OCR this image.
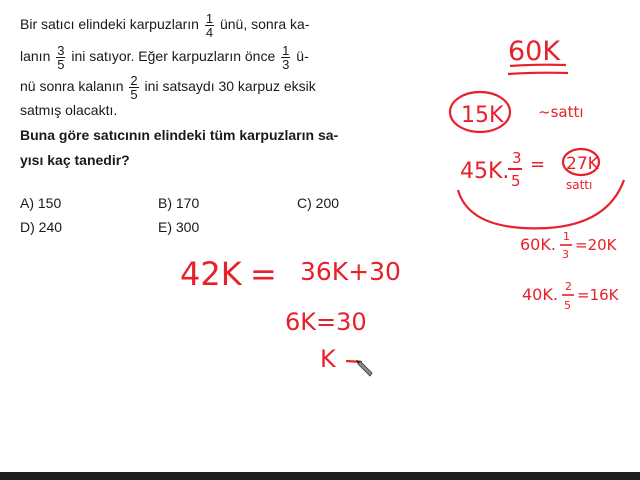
Bir satıcı elindeki karpuzların $\frac{1}{4}$ ünü, sonra ka-
lanın $\frac{3}{5}$ ini satıyor. Eğer karpuzların önce $\frac{1}{3}$ ü-
nü sonra kalanın $\frac{2}{5}$ ini satsaydı 30 karpuz eksik
satmış olacaktı.
Buna göre satıcının elindeki tüm karpuzların sa-
yısı kaç tanedir?
A) 150	B) 170	C) 200
D) 240	E) 300
60K
15K ~sattı
45K.
3
5
= 27K
sattı
60K. 1
3
=20K
40K. 2
5
=16K
42K = 36K+30
6K=30
K
